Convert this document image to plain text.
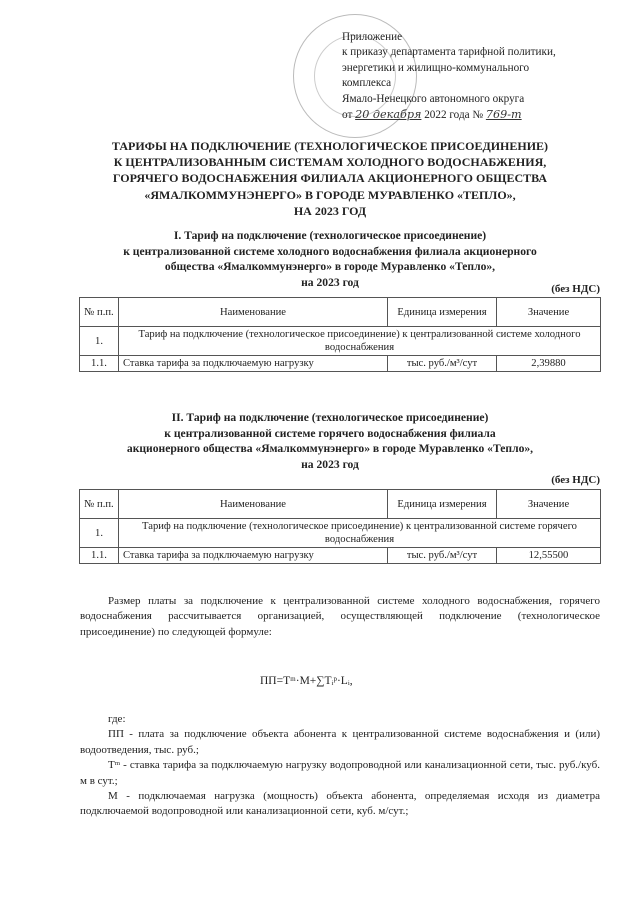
Приложение
к приказу департамента тарифной политики,
энергетики и жилищно-коммунального
комплекса
Ямало-Ненецкого автономного округа
от 20 декабря 2022 года № 769-т
ТАРИФЫ НА ПОДКЛЮЧЕНИЕ (ТЕХНОЛОГИЧЕСКОЕ ПРИСОЕДИНЕНИЕ)
К ЦЕНТРАЛИЗОВАННЫМ СИСТЕМАМ ХОЛОДНОГО ВОДОСНАБЖЕНИЯ,
ГОРЯЧЕГО ВОДОСНАБЖЕНИЯ ФИЛИАЛА АКЦИОНЕРНОГО ОБЩЕСТВА
«ЯМАЛКОММУНЭНЕРГО» В ГОРОДЕ МУРАВЛЕНКО «ТЕПЛО»,
НА 2023 ГОД
I. Тариф на подключение (технологическое присоединение)
к централизованной системе холодного водоснабжения филиала акционерного
общества «Ямалкоммунэнерго» в городе Муравленко «Тепло»,
на 2023 год
(без НДС)
№ п.п.	Наименование	Единица измерения	Значение
1.	Тариф на подключение (технологическое присоединение) к централизованной системе холодного водоснабжения		
1.1.	Ставка тарифа за подключаемую нагрузку	тыс. руб./м³/сут	2,39880
II. Тариф на подключение (технологическое присоединение)
к централизованной системе горячего водоснабжения филиала
акционерного общества «Ямалкоммунэнерго» в городе Муравленко «Тепло»,
на 2023 год
(без НДС)
№ п.п.	Наименование	Единица измерения	Значение
1.	Тариф на подключение (технологическое присоединение) к централизованной системе горячего водоснабжения		
1.1.	Ставка тарифа за подключаемую нагрузку	тыс. руб./м³/сут	12,55500

Размер платы за подключение к централизованной системе холодного водоснабжения, горячего водоснабжения рассчитывается организацией, осуществляющей подключение (технологическое присоединение) по следующей формуле:

ПП=Тᵐ·М+∑Тᵢᵖ·Lᵢ,

где:

ПП - плата за подключение объекта абонента к централизованной системе водоснабжения и (или) водоотведения, тыс. руб.;

Тᵐ - ставка тарифа за подключаемую нагрузку водопроводной или канализационной сети, тыс. руб./куб. м в сут.;

М - подключаемая нагрузка (мощность) объекта абонента, определяемая исходя из диаметра подключаемой водопроводной или канализационной сети, куб. м/сут.;
